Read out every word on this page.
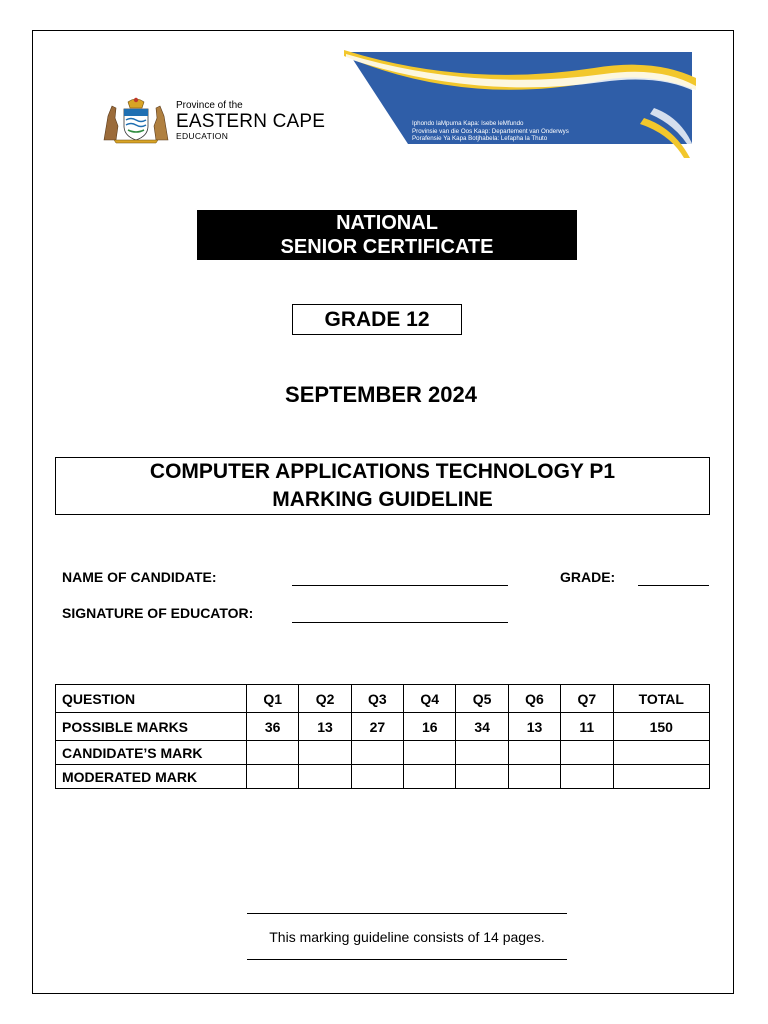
Province of the
EASTERN CAPE
EDUCATION
Iphondo laMpuma Kapa: Isebe leMfundo
Provinsie van die Oos Kaap: Departement van Onderwys
Porafensie Ya Kapa Botjhabela: Lefapha la Thuto
NATIONAL
SENIOR CERTIFICATE
GRADE 12
SEPTEMBER 2024
COMPUTER APPLICATIONS TECHNOLOGY P1
MARKING GUIDELINE
NAME OF CANDIDATE:	GRADE:
SIGNATURE OF EDUCATOR:
QUESTION	Q1	Q2	Q3	Q4	Q5	Q6	Q7	TOTAL
POSSIBLE MARKS	36	13	27	16	34	13	11	150
CANDIDATE’S MARK								
MODERATED MARK								
This marking guideline consists of 14 pages.
